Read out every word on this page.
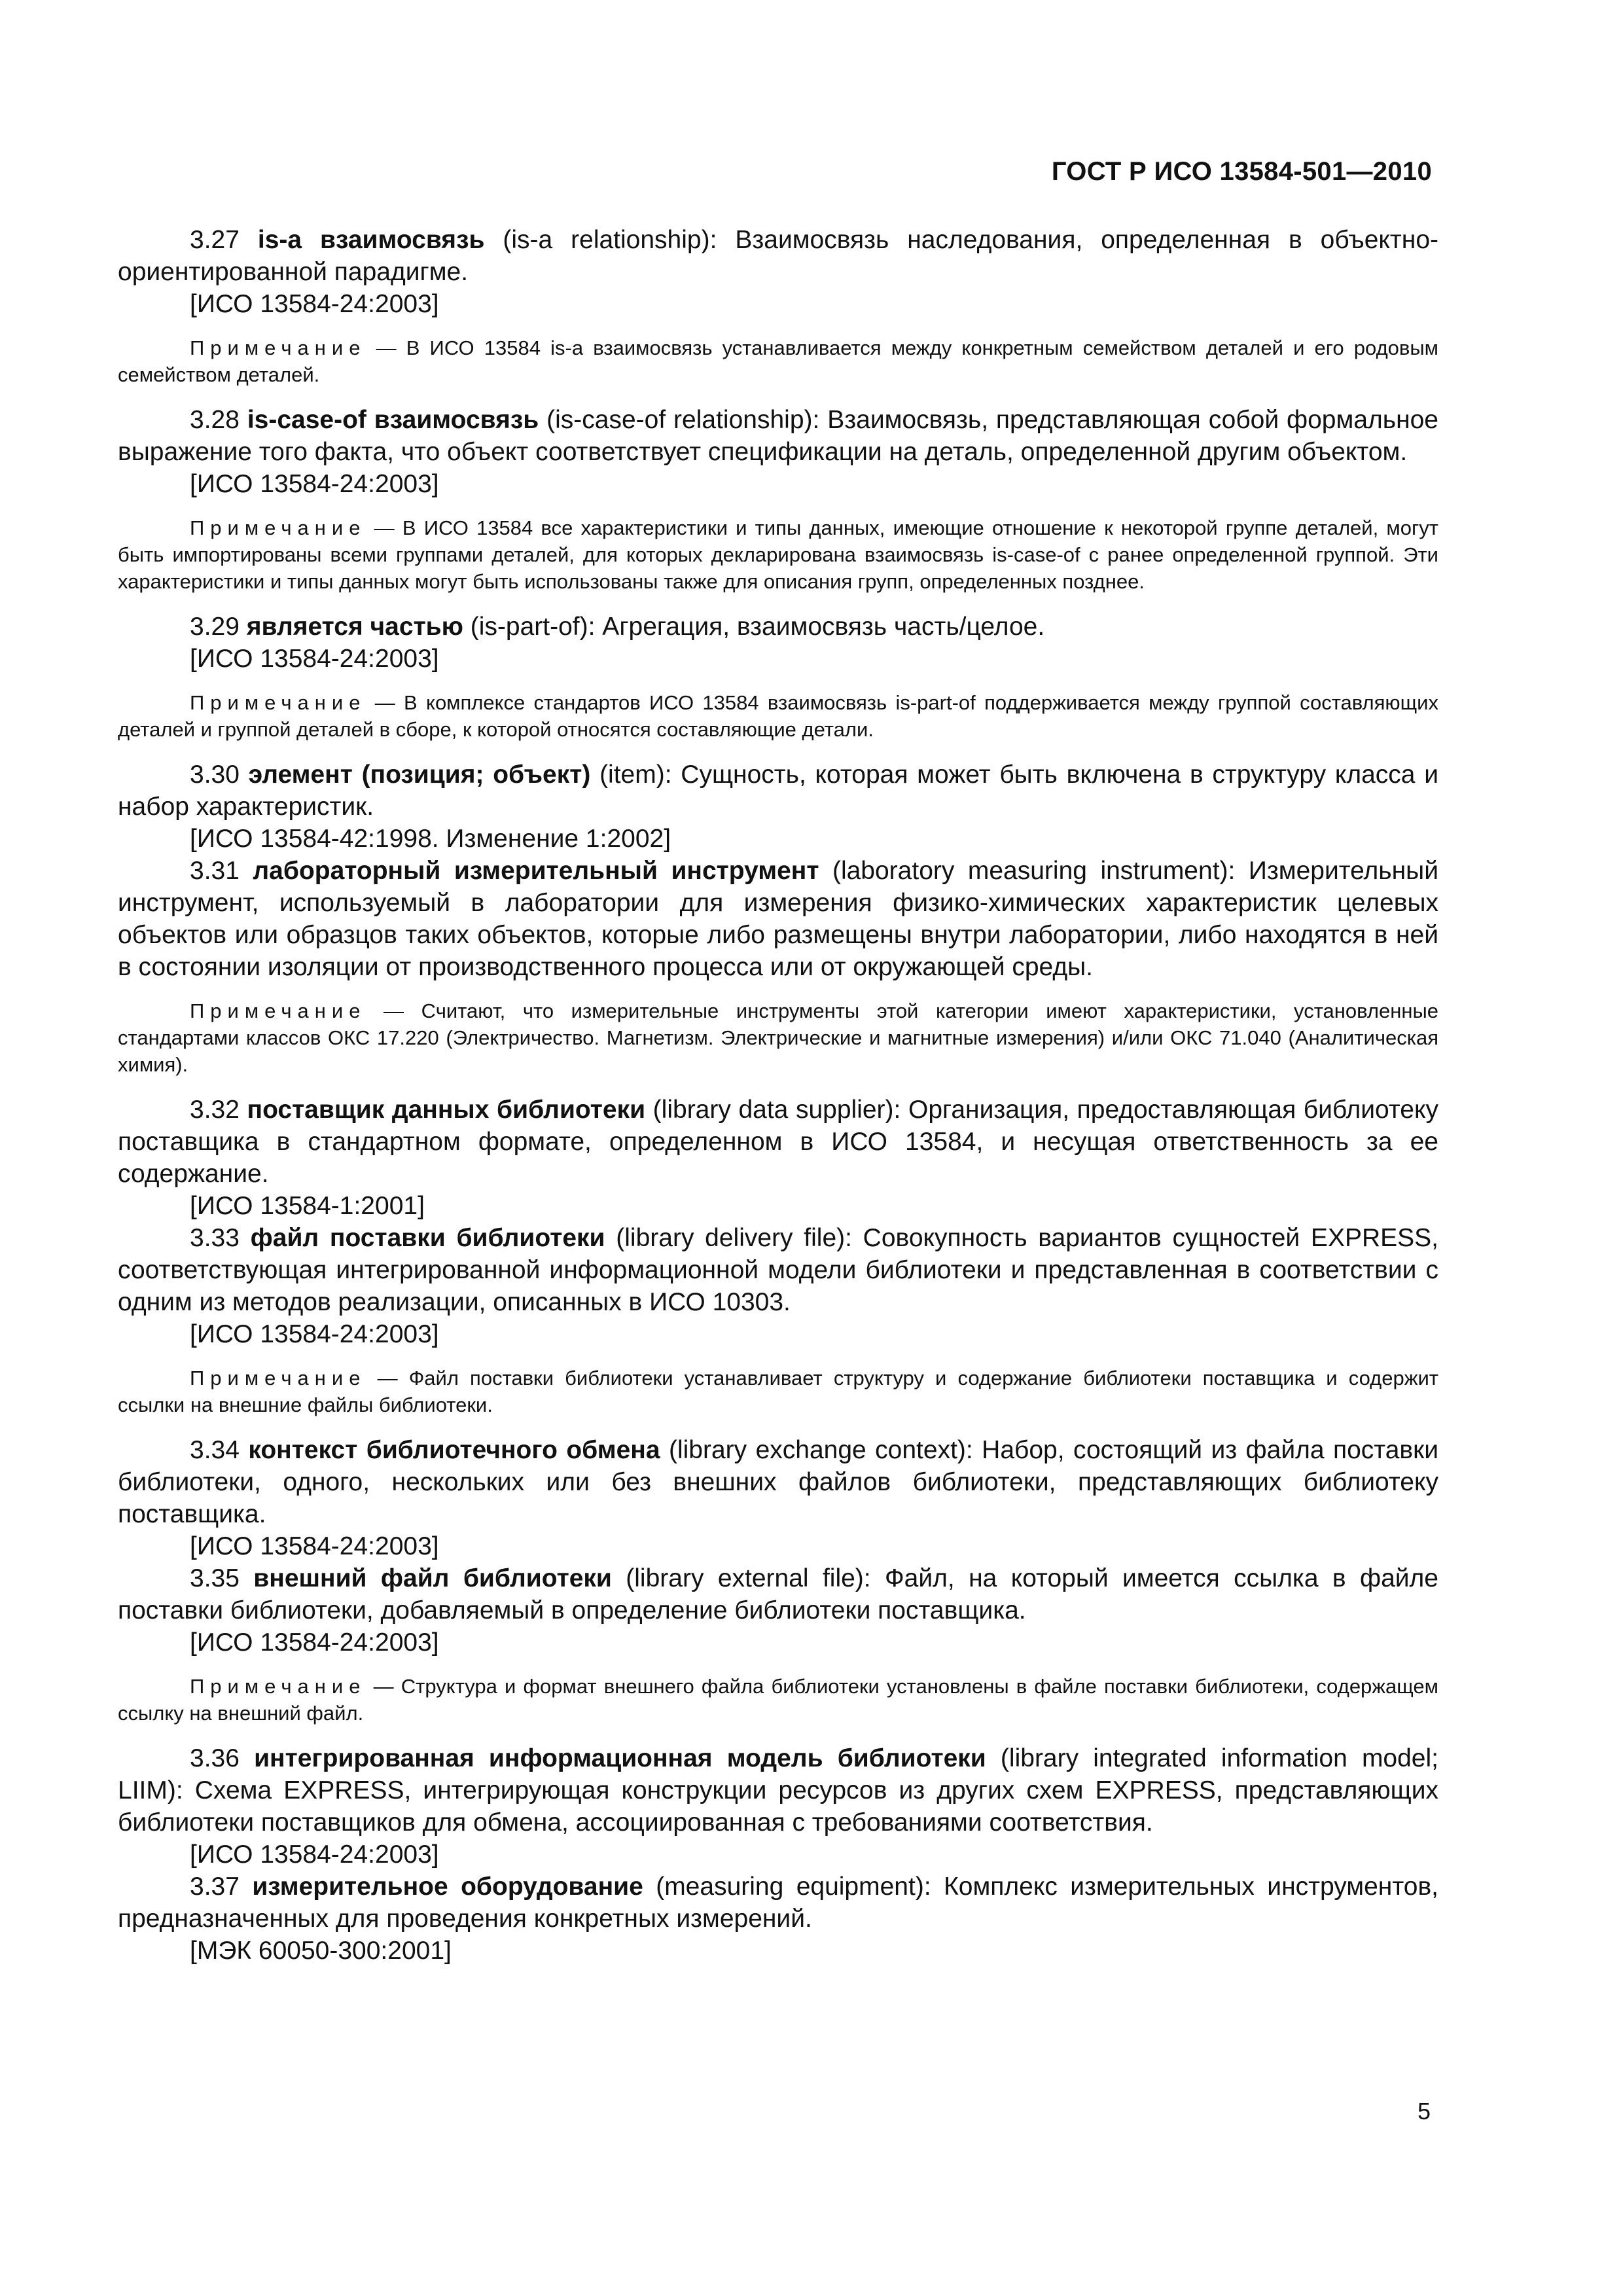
ГОСТ Р ИСО 13584-501—2010

3.27 is-a взаимосвязь (is-a relationship): Взаимосвязь наследования, определенная в объектно-ориентированной парадигме.

[ИСО 13584-24:2003]

Примечание — В ИСО 13584 is-a взаимосвязь устанавливается между конкретным семейством деталей и его родовым семейством деталей.

3.28 is-case-of взаимосвязь (is-case-of relationship): Взаимосвязь, представляющая собой формальное выражение того факта, что объект соответствует спецификации на деталь, определенной другим объектом.

[ИСО 13584-24:2003]

Примечание — В ИСО 13584 все характеристики и типы данных, имеющие отношение к некоторой группе деталей, могут быть импортированы всеми группами деталей, для которых декларирована взаимосвязь is-case-of с ранее определенной группой. Эти характеристики и типы данных могут быть использованы также для описания групп, определенных позднее.

3.29 является частью (is-part-of): Агрегация, взаимосвязь часть/целое.

[ИСО 13584-24:2003]

Примечание — В комплексе стандартов ИСО 13584 взаимосвязь is-part-of поддерживается между группой составляющих деталей и группой деталей в сборе, к которой относятся составляющие детали.

3.30 элемент (позиция; объект) (item): Сущность, которая может быть включена в структуру класса и набор характеристик.

[ИСО 13584-42:1998. Изменение 1:2002]

3.31 лабораторный измерительный инструмент (laboratory measuring instrument): Измерительный инструмент, используемый в лаборатории для измерения физико-химических характеристик целевых объектов или образцов таких объектов, которые либо размещены внутри лаборатории, либо находятся в ней в состоянии изоляции от производственного процесса или от окружающей среды.

Примечание — Считают, что измерительные инструменты этой категории имеют характеристики, установленные стандартами классов ОКС 17.220 (Электричество. Магнетизм. Электрические и магнитные измерения) и/или ОКС 71.040 (Аналитическая химия).

3.32 поставщик данных библиотеки (library data supplier): Организация, предоставляющая библиотеку поставщика в стандартном формате, определенном в ИСО 13584, и несущая ответственность за ее содержание.

[ИСО 13584-1:2001]

3.33 файл поставки библиотеки (library delivery file): Совокупность вариантов сущностей EXPRESS, соответствующая интегрированной информационной модели библиотеки и представленная в соответствии с одним из методов реализации, описанных в ИСО 10303.

[ИСО 13584-24:2003]

Примечание — Файл поставки библиотеки устанавливает структуру и содержание библиотеки поставщика и содержит ссылки на внешние файлы библиотеки.

3.34 контекст библиотечного обмена (library exchange context): Набор, состоящий из файла поставки библиотеки, одного, нескольких или без внешних файлов библиотеки, представляющих библиотеку поставщика.

[ИСО 13584-24:2003]

3.35 внешний файл библиотеки (library external file): Файл, на который имеется ссылка в файле поставки библиотеки, добавляемый в определение библиотеки поставщика.

[ИСО 13584-24:2003]

Примечание — Структура и формат внешнего файла библиотеки установлены в файле поставки библиотеки, содержащем ссылку на внешний файл.

3.36 интегрированная информационная модель библиотеки (library integrated information model; LIIM): Схема EXPRESS, интегрирующая конструкции ресурсов из других схем EXPRESS, представляющих библиотеки поставщиков для обмена, ассоциированная с требованиями соответствия.

[ИСО 13584-24:2003]

3.37 измерительное оборудование (measuring equipment): Комплекс измерительных инструментов, предназначенных для проведения конкретных измерений.

[МЭК 60050-300:2001]

5
